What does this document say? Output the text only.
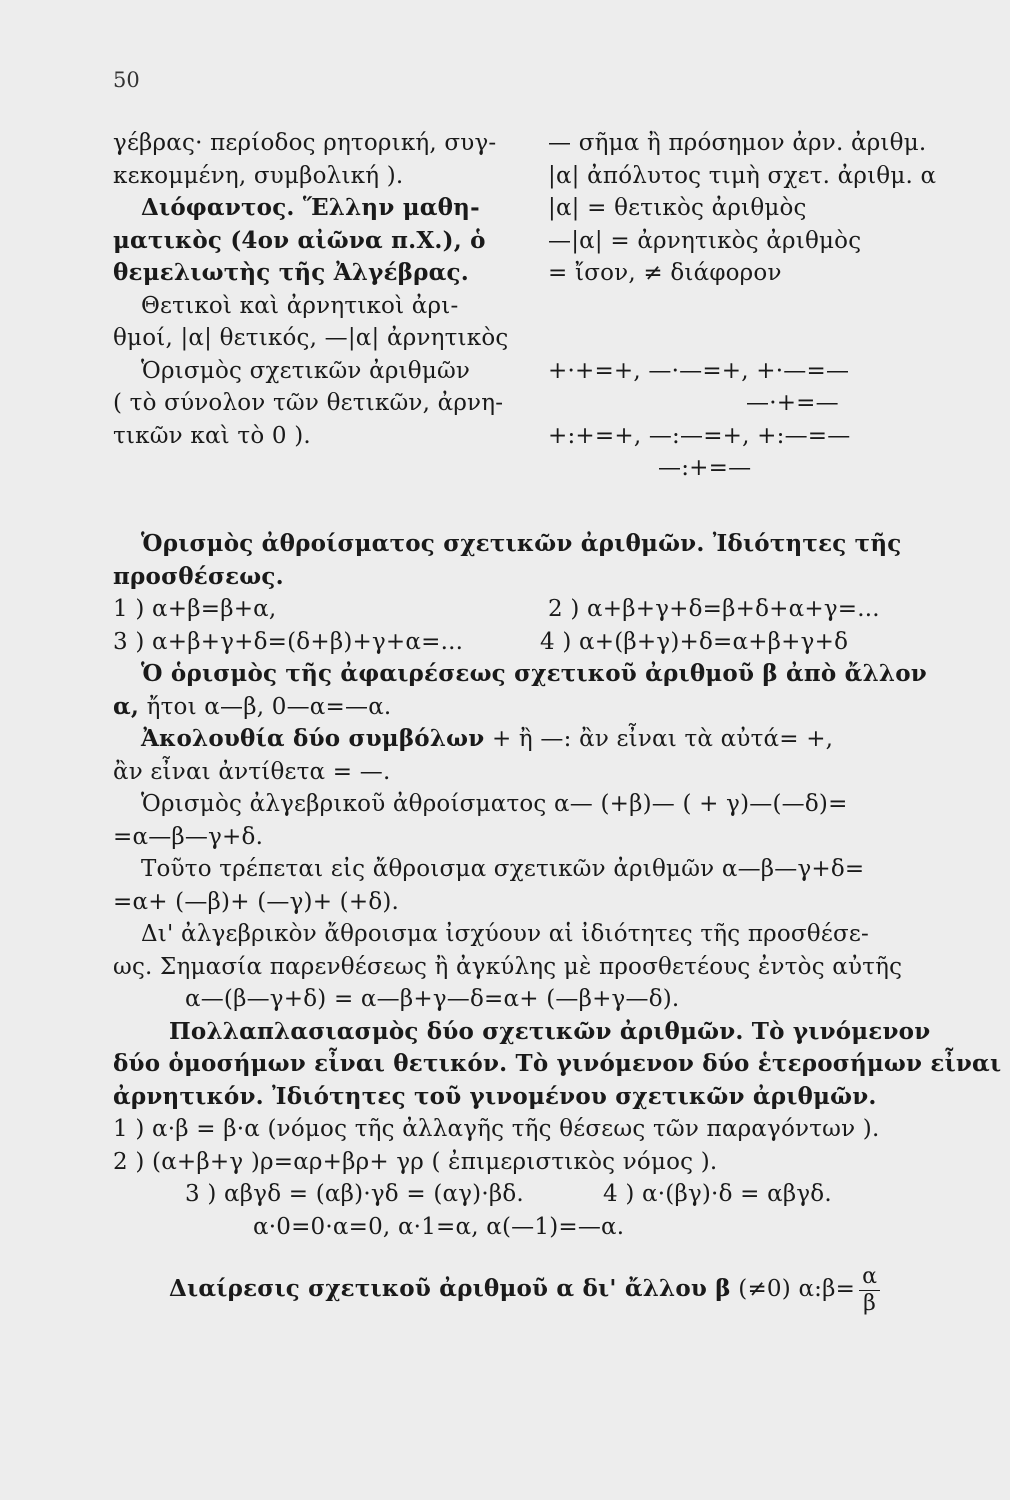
50
γέβρας· περίοδος ρητορική, συγ-
κεκομμένη, συμβολική ).
Διόφαντος. Ἕλλην μαθη-
ματικὸς (4ον αἰῶνα π.Χ.), ὁ
θεμελιωτὴς τῆς Ἀλγέβρας.
Θετικοὶ καὶ ἀρνητικοὶ ἀρι-
θμοί, |α| θετικός, —|α| ἀρνητικὸς
Ὁρισμὸς σχετικῶν ἀριθμῶν
( τὸ σύνολον τῶν θετικῶν, ἀρνη-
τικῶν καὶ τὸ 0 ).
— σῆμα ἢ πρόσημον ἀρν. ἀριθμ.
|α| ἀπόλυτος τιμὴ σχετ. ἀριθμ. α
|α| = θετικὸς ἀριθμὸς
—|α| = ἀρνητικὸς ἀριθμὸς
= ἴσον, ≠ διάφορον
+·+=+, —·—=+, +·—=—
—·+=—
+:+=+, —:—=+, +:—=—
—:+=—
Ὁρισμὸς ἀθροίσματος σχετικῶν ἀριθμῶν. Ἰδιότητες τῆς
προσθέσεως.
1 ) α+β=β+α,	2 ) α+β+γ+δ=β+δ+α+γ=...
3 ) α+β+γ+δ=(δ+β)+γ+α=...	4 ) α+(β+γ)+δ=α+β+γ+δ
Ὁ ὁρισμὸς τῆς ἀφαιρέσεως σχετικοῦ ἀριθμοῦ β ἀπὸ ἄλλον
α, ἤτοι α—β, 0—α=—α.
Ἀκολουθία δύο συμβόλων + ἢ —: ἂν εἶναι τὰ αὐτά= +,
ἂν εἶναι ἀντίθετα = —.
Ὁρισμὸς ἀλγεβρικοῦ ἀθροίσματος α— (+β)— ( + γ)—(—δ)=
=α—β—γ+δ.
Τοῦτο τρέπεται εἰς ἄθροισμα σχετικῶν ἀριθμῶν α—β—γ+δ=
=α+ (—β)+ (—γ)+ (+δ).
Δι' ἀλγεβρικὸν ἄθροισμα ἰσχύουν αἱ ἰδιότητες τῆς προσθέσε-
ως. Σημασία παρενθέσεως ἢ ἀγκύλης μὲ προσθετέους ἐντὸς αὐτῆς
α—(β—γ+δ) = α—β+γ—δ=α+ (—β+γ—δ).
Πολλαπλασιασμὸς δύο σχετικῶν ἀριθμῶν. Τὸ γινόμενον
δύο ὁμοσήμων εἶναι θετικόν. Τὸ γινόμενον δύο ἑτεροσήμων εἶναι
ἀρνητικόν. Ἰδιότητες τοῦ γινομένου σχετικῶν ἀριθμῶν.
1 ) α·β = β·α (νόμος τῆς ἀλλαγῆς τῆς θέσεως τῶν παραγόντων ).
2 ) (α+β+γ )ρ=αρ+βρ+ γρ ( ἐπιμεριστικὸς νόμος ).
3 ) αβγδ = (αβ)·γδ = (αγ)·βδ.	4 ) α·(βγ)·δ = αβγδ.
α·0=0·α=0, α·1=α, α(—1)=—α.
Διαίρεσις σχετικοῦ ἀριθμοῦ α δι' ἄλλου β (≠0) α:β= $\frac{\alpha}{\beta}$
